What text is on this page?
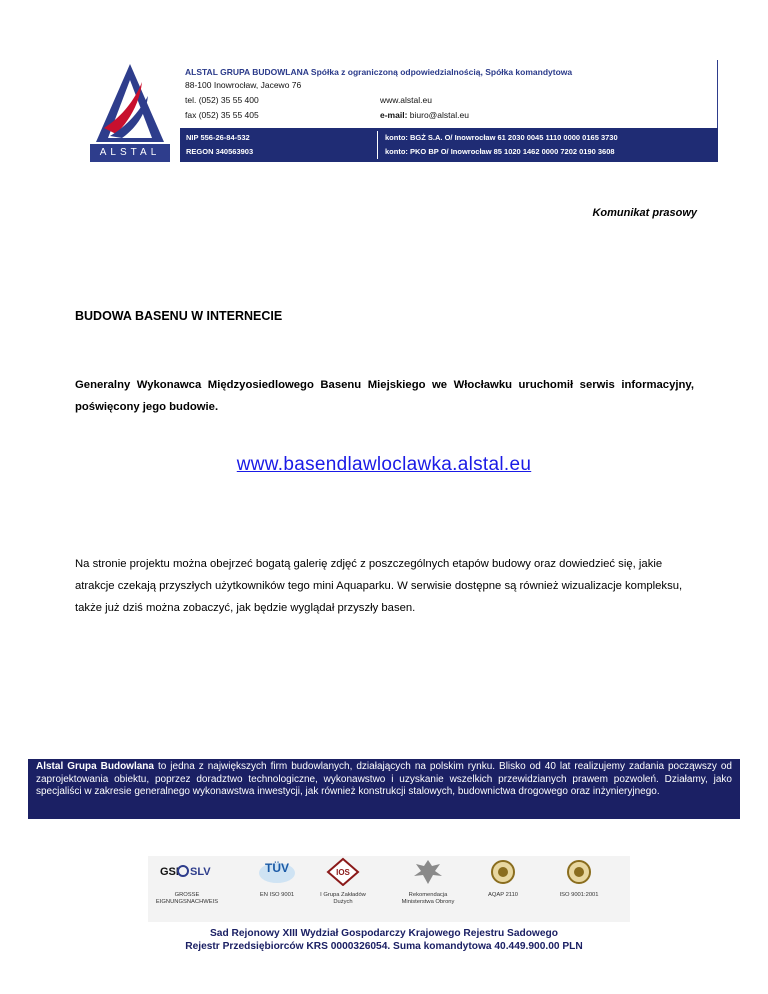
ALSTAL
ALSTAL GRUPA BUDOWLANA Spółka z ograniczoną odpowiedzialnością, Spółka komandytowa
88-100 Inowrocław, Jacewo 76
tel. (052) 35 55 400
fax (052) 35 55 405
www.alstal.eu
e-mail: biuro@alstal.eu
NIP 556-26-84-532
REGON 340563903
konto: BGŻ S.A. O/ Inowrocław 61 2030 0045 1110 0000 0165 3730
konto: PKO BP O/ Inowrocław 85 1020 1462 0000 7202 0190 3608
Komunikat prasowy
BUDOWA BASENU W INTERNECIE
Generalny Wykonawca Międzyosiedlowego Basenu Miejskiego we Włocławku uruchomił serwis informacyjny, poświęcony jego budowie.
www.basendlawloclawka.alstal.eu
Na stronie projektu można obejrzeć bogatą galerię zdjęć z poszczególnych etapów budowy oraz dowiedzieć się, jakie atrakcje czekają przyszłych użytkowników tego mini Aquaparku. W serwisie dostępne są również wizualizacje kompleksu, także już dziś można zobaczyć, jak będzie wyglądał przyszły basen.
Alstal Grupa Budowlana to jedna z największych firm budowlanych, działających na polskim rynku. Blisko od 40 lat realizujemy zadania począwszy od zaprojektowania obiektu, poprzez doradztwo technologiczne, wykonawstwo i uzyskanie wszelkich przewidzianych prawem pozwoleń. Działamy, jako specjaliści w zakresie generalnego wykonawstwa inwestycji, jak również konstrukcji stalowych, budownictwa drogowego oraz inżynieryjnego.
GSI SLV
GROSSE
EIGNUNGSNACHWEIS
TÜV
EN ISO 9001
IOS
I Grupa Zakładów
Dużych
Rekomendacja
Ministerstwa Obrony
AQAP 2110	ISO 9001:2001
Sad Rejonowy XIII Wydział Gospodarczy Krajowego Rejestru Sadowego
Rejestr Przedsiębiorców KRS 0000326054. Suma komandytowa 40.449.900.00 PLN
